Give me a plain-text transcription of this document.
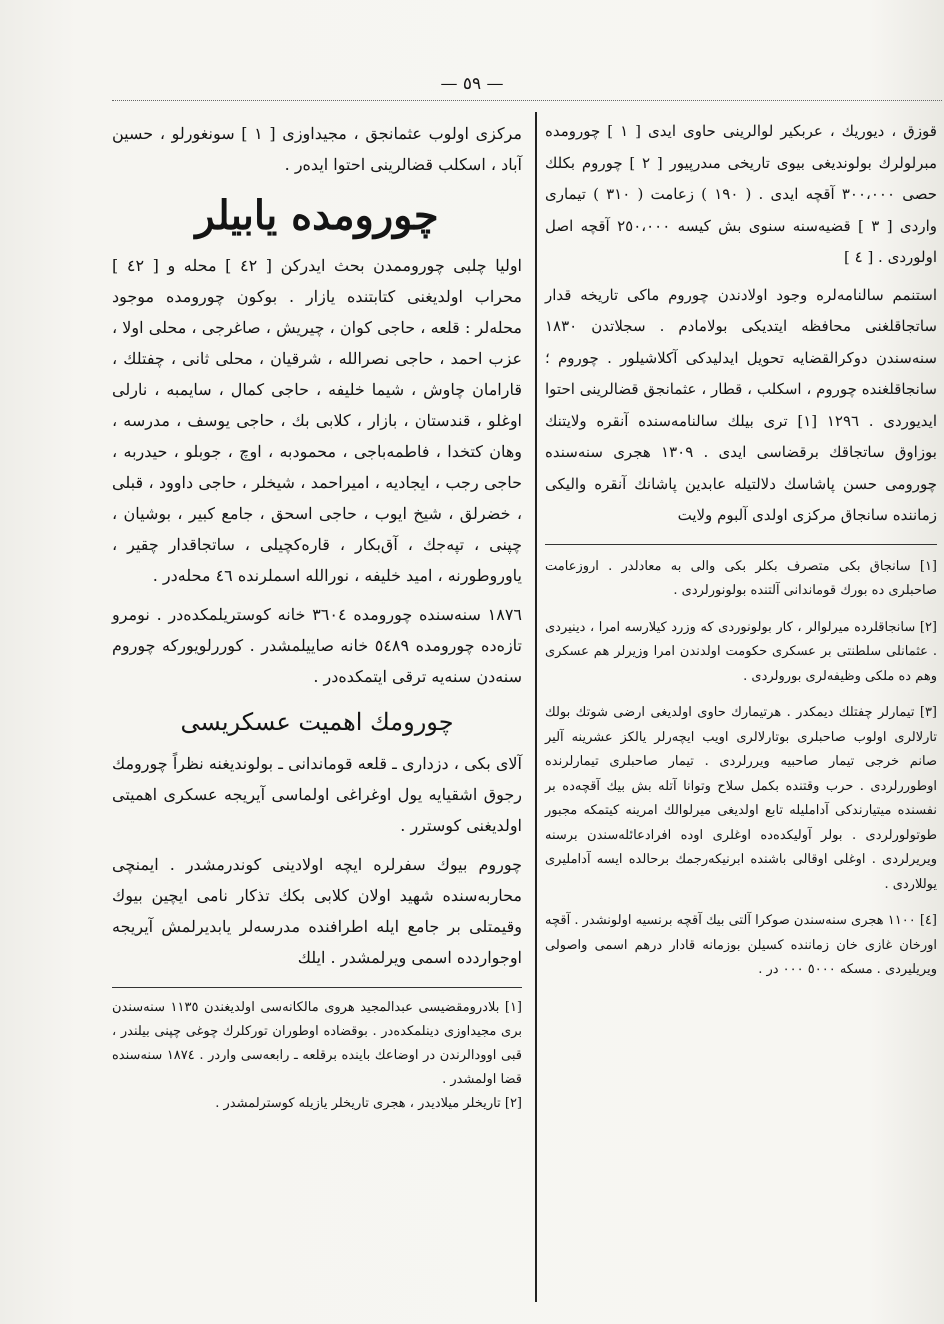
— ٥٩ —

قوزق ، ديوريك ، عربكير لوالرينى حاوى ايدى [ ١ ] چورومدە مبرلولرك بولونديغى بيوى تاريخى مىدرپيور [ ٢ ] چوروم بكلك حصى ٣٠٠،٠٠٠ آقچه ايدى . ( ١٩٠ ) زعامت ( ٣١٠ ) تيمارى واردى [ ٣ ] قضيەسنه سنوى بش كيسه ٢٥٠،٠٠٠ آقچه اصل اولوردى . [ ٤ ]

استنمم سالنامەلرە وجود اولادندن چوروم ماكى تاريخه قدار ساتجاقلغنى محافظه ايتديكى بولامادم . سجلاتدن ١٨٣٠ سنەسندن دوكرالقضايە تحويل ايدليدكى آكلاشيلور . چوروم ؛ سانجاقلغندە چوروم ، اسكلب ، قطار ، عثمانجق قضالرينى احتوا ايديوردى . ١٢٩٦ [١] ترى بيلك سالنامەسندە آنقره ولايتنك بوزاوق ساتجاقك برقضاسى ايدى . ١٣٠٩ هجرى سنەسنده چورومى حسن پاشاسك دلالتيله عابدين پاشانك آنقره واليكى زماننده سانجاق مركزى اولدى آلبوم ولايت

[١] سانجاق بكى متصرف بكلر بكى والى به معادلدر . اروزعامت صاحبلرى دە بورك قوماندانى آلتندە بولونورلردى .

[٢] سانجاقلردە ميرلوالر ، كار بولونوردى كە وزرد كيلارسە امرا ، دينيردى . عثمانلى سلطنتى بر عسكرى حكومت اولدندن امرا وزيرلر هم عسكرى وهم دە ملكى وظيفەلرى بورولردى .

[٣] تيمارلر چفتلك ديمكدر . هرتيمارك حاوى اولديغى ارضى شوتك بولك تارلالرى اولوب صاحبلرى بوتارلالرى اويب ايچەرلر يالكز عشرينه آلير صانم خرجى تيمار صاحبيە ويررلردى . تيمار صاحبلرى تيمارلرنده اوطوررلردى . حرب وقتنده بكمل سلاح وتوانا آتلە بش بيك آقچەدە بر نفسندە ميتيارندكى آدامليلە تابع اولديغى ميرلوالك امرينه كيتمكە مجبور طوتولورلردى . بولر آوليكدەدە اوغلرى اودە افرادعائلەسندن برسنه ويريرلردى . اوغلى اوقالى باشندە ابرنيكەرجمك برحالدە ايسە آدامليرى يوللاردى .

[٤] ١١٠٠ هجرى سنەسندن صوكرا آلتى بيك آقچه برنسيه اولونشدر . آقچه اورخان غازى خان زماننده كسيلن بوزمانه قادار درهم اسمى واصولى ويريليردى . مسكه ٥٠٠٠ ٠٠٠ در .

مركزى اولوب عثمانجق ، مجيداوزى [ ١ ] سونغورلو ، حسين آباد ، اسكلب قضالرينى احتوا ايدەر .

چورومدە يابيلر

اوليا چلبى چوروممدن بحث ايدركن [ ٤٢ ] محله و [ ٤٢ ] محراب اولديغنى كتابتندە يازار . بوكون چورومدە موجود محلەلر : قلعه ، حاجى كوان ، چيريش ، صاغرجى ، محلى اولا ، عزب احمد ، حاجى نصرالله ، شرقيان ، محلى ثانى ، چفتلك ، قارامان چاوش ، شيما خليفه ، حاجى كمال ، سايمبه ، نارلى اوغلو ، قندستان ، بازار ، كلابى بك ، حاجى يوسف ، مدرسه ، وهان كتخدا ، فاطمەباجى ، محمودبه ، اوچ ، جوبلو ، حيدربه ، حاجى رجب ، ايجاديه ، اميراحمد ، شيخلر ، حاجى داوود ، قبلى ، خضرلق ، شيخ ايوب ، حاجى اسحق ، جامع كبير ، بوشيان ، چپنى ، تپەجك ، آق‌بكار ، قارەكچيلى ، ساتجاقدار چقير ، ياوروطورنه ، اميد خليفه ، نورالله اسملرندە ٤٦ محلەدر .

١٨٧٦ سنەسنده چورومدە ٣٦٠٤ خانه كوستريلمكدەدر . نومرو تازەدە چورومدە ٥٤٨٩ خانه صاييلمشدر . كوررلويوركه چوروم سنەدن سنەيە ترقى ايتمكدەدر .

چورومك اهميت عسكريسى

آلاى بكى ، دزدارى ـ قلعه قوماندانى ـ بولونديغنه نظراً چورومك رجوق اشقيايە يول اوغراغى اولماسى آيريجه عسكرى اهميتى اولديغنى كوسترر .

چوروم بيوك سفرلرە ايچه اولادينى كوندرمشدر . ايمنچى محاربەسندە شهيد اولان كلابى بكك تذكار نامى ايچين بيوك وقيمتلى بر جامع ايلە اطرافندە مدرسەلر يابديرلمش آيريجه اوجوارددە اسمى ويرلمشدر . ايلك

[١] بلادرومقضيسى عبدالمجيد هروى مالكانەسى اولديغندن ١١٣٥ سنەسندن برى مجيداوزى دينلمكدەدر . بوقضادە اوطوران توركلرك چوغى چپنى بيلندر ، قبى اوودالرندن در اوضاعك بايندە برقلعه ـ رابعەسى واردر . ١٨٧٤ سنەسنده قضا اولمشدر .

[٢] تاريخلر ميلاديدر ، هجرى تاريخلر يازيلە كوسترلمشدر .
